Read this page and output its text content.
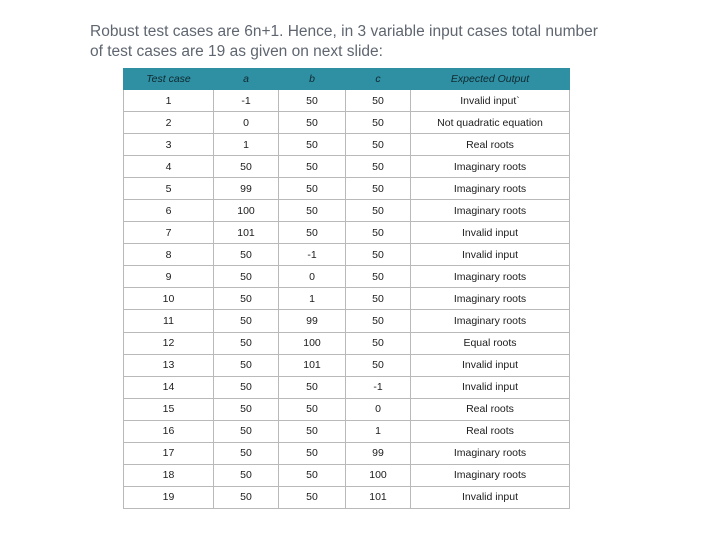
Robust test cases are 6n+1. Hence, in 3 variable input cases total number
of test cases are 19 as given on next slide:

Test case	a	b	c	Expected Output
1	-1	50	50	Invalid input`
2	0	50	50	Not quadratic equation
3	1	50	50	Real roots
4	50	50	50	Imaginary roots
5	99	50	50	Imaginary roots
6	100	50	50	Imaginary roots
7	101	50	50	Invalid input
8	50	-1	50	Invalid input
9	50	0	50	Imaginary roots
10	50	1	50	Imaginary roots
11	50	99	50	Imaginary roots
12	50	100	50	Equal roots
13	50	101	50	Invalid input
14	50	50	-1	Invalid input
15	50	50	0	Real roots
16	50	50	1	Real roots
17	50	50	99	Imaginary roots
18	50	50	100	Imaginary roots
19	50	50	101	Invalid input
